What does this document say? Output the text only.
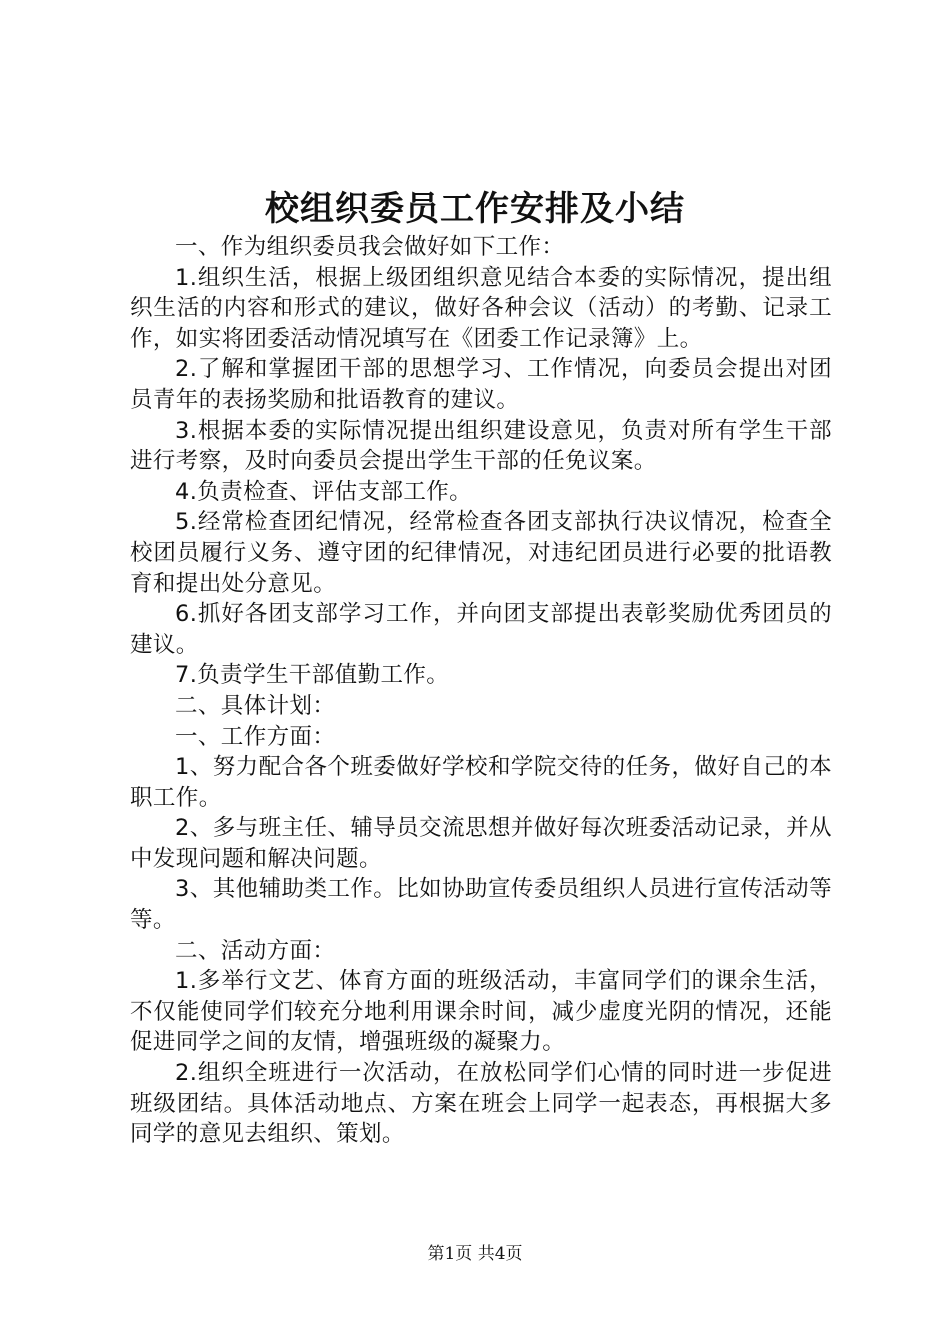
校组织委员工作安排及小结

一、作为组织委员我会做好如下工作：

1.组织生活，根据上级团组织意见结合本委的实际情况，提出组织生活的内容和形式的建议，做好各种会议（活动）的考勤、记录工作，如实将团委活动情况填写在《团委工作记录簿》上。

2.了解和掌握团干部的思想学习、工作情况，向委员会提出对团员青年的表扬奖励和批语教育的建议。

3.根据本委的实际情况提出组织建设意见，负责对所有学生干部进行考察，及时向委员会提出学生干部的任免议案。

4.负责检查、评估支部工作。

5.经常检查团纪情况，经常检查各团支部执行决议情况，检查全校团员履行义务、遵守团的纪律情况，对违纪团员进行必要的批语教育和提出处分意见。

6.抓好各团支部学习工作，并向团支部提出表彰奖励优秀团员的建议。

7.负责学生干部值勤工作。

二、具体计划：

一、工作方面：

1、努力配合各个班委做好学校和学院交待的任务，做好自己的本职工作。

2、多与班主任、辅导员交流思想并做好每次班委活动记录，并从中发现问题和解决问题。

3、其他辅助类工作。比如协助宣传委员组织人员进行宣传活动等等。

二、活动方面：

1.多举行文艺、体育方面的班级活动，丰富同学们的课余生活，不仅能使同学们较充分地利用课余时间，减少虚度光阴的情况，还能促进同学之间的友情，增强班级的凝聚力。

2.组织全班进行一次活动，在放松同学们心情的同时进一步促进班级团结。具体活动地点、方案在班会上同学一起表态，再根据大多同学的意见去组织、策划。

第1页 共4页
